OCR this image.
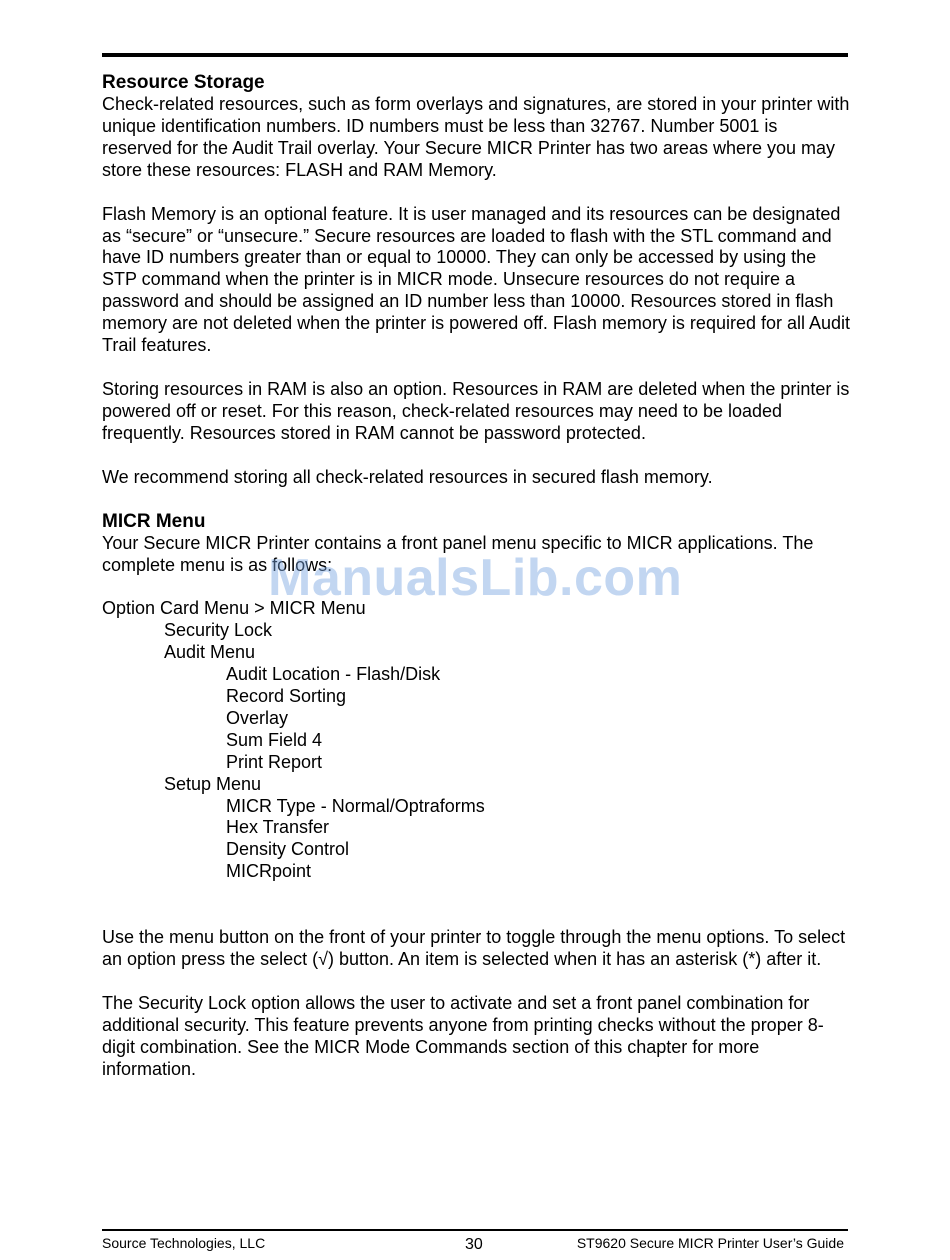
Resource Storage

Check-related resources, such as form overlays and signatures, are stored in your printer with unique identification numbers. ID numbers must be less than 32767. Number 5001 is reserved for the Audit Trail overlay. Your Secure MICR Printer has two areas where you may store these resources: FLASH and RAM Memory.

Flash Memory is an optional feature. It is user managed and its resources can be designated as “secure” or “unsecure.” Secure resources are loaded to flash with the STL command and have ID numbers greater than or equal to 10000. They can only be accessed by using the STP command when the printer is in MICR mode. Unsecure resources do not require a password and should be assigned an ID number less than 10000. Resources stored in flash memory are not deleted when the printer is powered off. Flash memory is required for all Audit Trail features.

Storing resources in RAM is also an option. Resources in RAM are deleted when the printer is powered off or reset. For this reason, check-related resources may need to be loaded frequently. Resources stored in RAM cannot be password protected.

We recommend storing all check-related resources in secured flash memory.

MICR Menu

Your Secure MICR Printer contains a front panel menu specific to MICR applications. The complete menu is as follows:

Option Card Menu > MICR Menu

Security Lock

Audit Menu

Audit Location - Flash/Disk

Record Sorting

Overlay

Sum Field 4

Print Report

Setup Menu

MICR Type - Normal/Optraforms

Hex Transfer

Density Control

MICRpoint

Use the menu button on the front of your printer to toggle through the menu options. To select an option press the select (√) button. An item is selected when it has an asterisk (*) after it.

The Security Lock option allows the user to activate and set a front panel combination for additional security. This feature prevents anyone from printing checks without the proper 8-digit combination. See the MICR Mode Commands section of this chapter for more information.

ManualsLib.com
Source Technologies, LLC	30	ST9620 Secure MICR Printer User’s Guide
